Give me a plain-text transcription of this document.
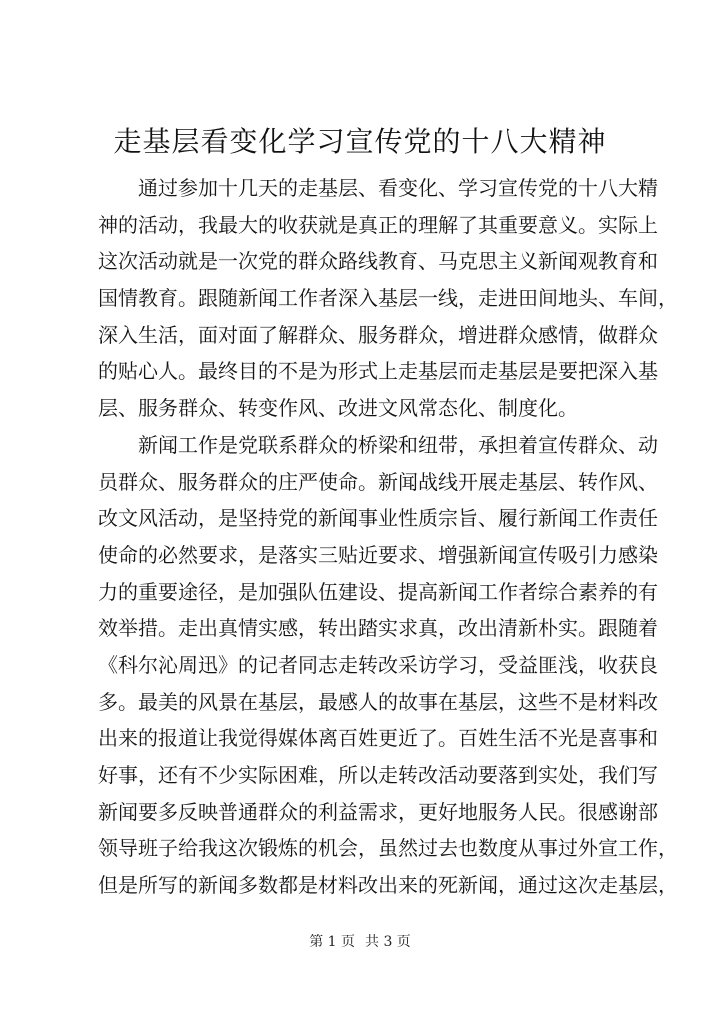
走基层看变化学习宣传党的十八大精神
通过参加十几天的走基层、看变化、学习宣传党的十八大精
神的活动，我最大的收获就是真正的理解了其重要意义。实际上
这次活动就是一次党的群众路线教育、马克思主义新闻观教育和
国情教育。跟随新闻工作者深入基层一线，走进田间地头、车间，
深入生活，面对面了解群众、服务群众，增进群众感情，做群众
的贴心人。最终目的不是为形式上走基层而走基层是要把深入基
层、服务群众、转变作风、改进文风常态化、制度化。
新闻工作是党联系群众的桥梁和纽带，承担着宣传群众、动
员群众、服务群众的庄严使命。新闻战线开展走基层、转作风、
改文风活动，是坚持党的新闻事业性质宗旨、履行新闻工作责任
使命的必然要求，是落实三贴近要求、增强新闻宣传吸引力感染
力的重要途径，是加强队伍建设、提高新闻工作者综合素养的有
效举措。走出真情实感，转出踏实求真，改出清新朴实。跟随着
《科尔沁周迅》的记者同志走转改采访学习，受益匪浅，收获良
多。最美的风景在基层，最感人的故事在基层，这些不是材料改
出来的报道让我觉得媒体离百姓更近了。百姓生活不光是喜事和
好事，还有不少实际困难，所以走转改活动要落到实处，我们写
新闻要多反映普通群众的利益需求，更好地服务人民。很感谢部
领导班子给我这次锻炼的机会，虽然过去也数度从事过外宣工作，
但是所写的新闻多数都是材料改出来的死新闻，通过这次走基层，
第 1 页 共 3 页
